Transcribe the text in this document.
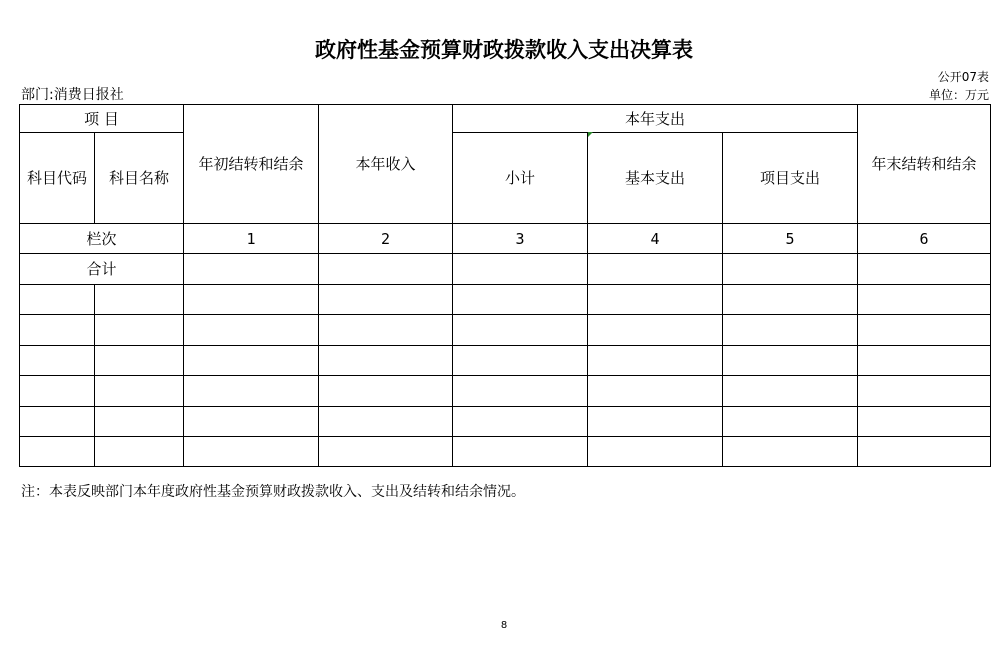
政府性基金预算财政拨款收入支出决算表
公开07表
部门:消费日报社	单位：万元
项 目		年初结转和结余	本年收入	本年支出			年末结转和结余
科目代码	科目名称			小计	基本支出	项目支出	
栏次		1	2	3	4	5	6
合计							

注：本表反映部门本年度政府性基金预算财政拨款收入、支出及结转和结余情况。
8
